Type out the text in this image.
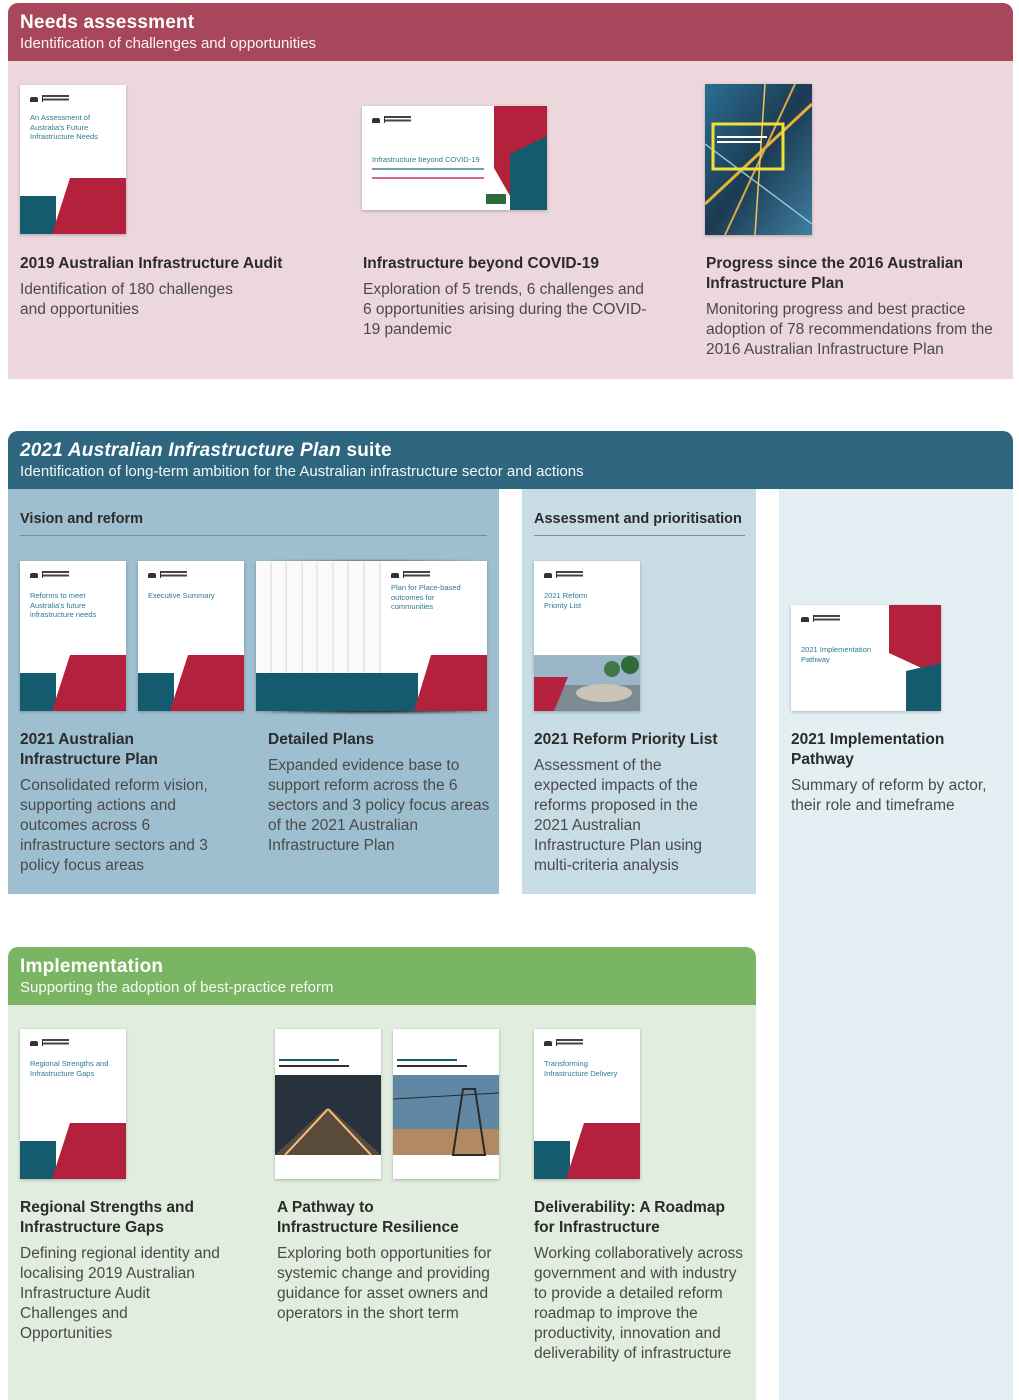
Needs assessment
Identification of challenges and opportunities
An Assessment of Australia's Future Infrastructure Needs
2019 Australian Infrastructure Audit
Identification of 180 challenges and opportunities
Infrastructure beyond COVID-19
Infrastructure beyond COVID-19
Exploration of 5 trends, 6 challenges and 6 opportunities arising during the COVID-19 pandemic
Progress since the 2016 Australian Infrastructure Plan
Monitoring progress and best practice adoption of 78 recommendations from the 2016 Australian Infrastructure Plan
2021 Australian Infrastructure Plan suite
Identification of long-term ambition for the Australian infrastructure sector and actions
Vision and reform	Assessment and prioritisation
Reforms to meet Australia's future infrastructure needs
Executive Summary
Plan for Place-based outcomes for communities
2021 Reform Priority List
2021 Implementation Pathway
2021 Australian Infrastructure Plan
Consolidated reform vision, supporting actions and outcomes across 6 infrastructure sectors and 3 policy focus areas
Detailed Plans
Expanded evidence base to support reform across the 6 sectors and 3 policy focus areas of the 2021 Australian Infrastructure Plan
2021 Reform Priority List
Assessment of the expected impacts of the reforms proposed in the 2021 Australian Infrastructure Plan using multi-criteria analysis
2021 Implementation Pathway
Summary of reform by actor, their role and timeframe
Implementation
Supporting the adoption of best-practice reform
Regional Strengths and Infrastructure Gaps
Transforming Infrastructure Delivery
Regional Strengths and Infrastructure Gaps
Defining regional identity and localising 2019 Australian Infrastructure Audit Challenges and Opportunities
A Pathway to Infrastructure Resilience
Exploring both opportunities for systemic change and providing guidance for asset owners and operators in the short term
Deliverability: A Roadmap for Infrastructure
Working collaboratively across government and with industry to provide a detailed reform roadmap to improve the productivity, innovation and deliverability of infrastructure
